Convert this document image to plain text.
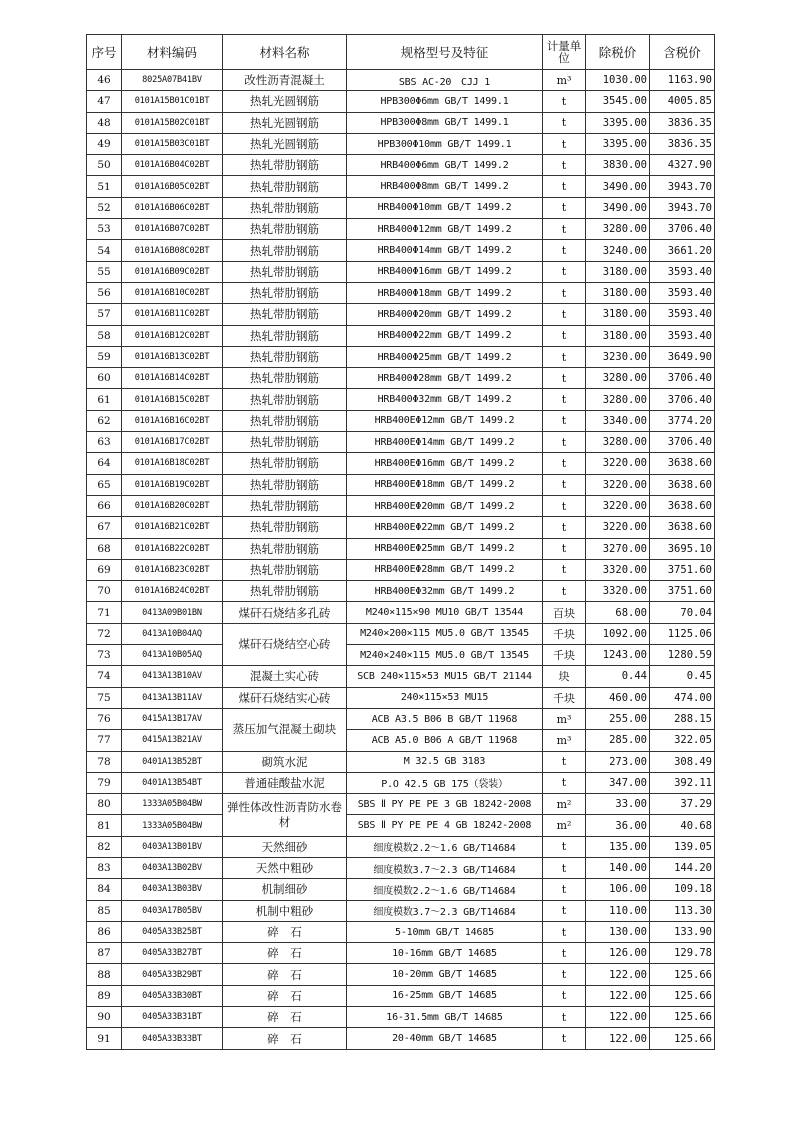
序号	材料编码	材料名称	规格型号及特征	计量单位	除税价	含税价
46	8025A07B41BV	改性沥青混凝土	SBS AC-20　CJJ 1	m³	1030.00	1163.90
47	0101A15B01C01BT	热轧光圆钢筋	HPB300Φ6mm GB/T 1499.1	t	3545.00	4005.85
48	0101A15B02C01BT	热轧光圆钢筋	HPB300Φ8mm GB/T 1499.1	t	3395.00	3836.35
49	0101A15B03C01BT	热轧光圆钢筋	HPB300Φ10mm GB/T 1499.1	t	3395.00	3836.35
50	0101A16B04C02BT	热轧带肋钢筋	HRB400Φ6mm GB/T 1499.2	t	3830.00	4327.90
51	0101A16B05C02BT	热轧带肋钢筋	HRB400Φ8mm GB/T 1499.2	t	3490.00	3943.70
52	0101A16B06C02BT	热轧带肋钢筋	HRB400Φ10mm GB/T 1499.2	t	3490.00	3943.70
53	0101A16B07C02BT	热轧带肋钢筋	HRB400Φ12mm GB/T 1499.2	t	3280.00	3706.40
54	0101A16B08C02BT	热轧带肋钢筋	HRB400Φ14mm GB/T 1499.2	t	3240.00	3661.20
55	0101A16B09C02BT	热轧带肋钢筋	HRB400Φ16mm GB/T 1499.2	t	3180.00	3593.40
56	0101A16B10C02BT	热轧带肋钢筋	HRB400Φ18mm GB/T 1499.2	t	3180.00	3593.40
57	0101A16B11C02BT	热轧带肋钢筋	HRB400Φ20mm GB/T 1499.2	t	3180.00	3593.40
58	0101A16B12C02BT	热轧带肋钢筋	HRB400Φ22mm GB/T 1499.2	t	3180.00	3593.40
59	0101A16B13C02BT	热轧带肋钢筋	HRB400Φ25mm GB/T 1499.2	t	3230.00	3649.90
60	0101A16B14C02BT	热轧带肋钢筋	HRB400Φ28mm GB/T 1499.2	t	3280.00	3706.40
61	0101A16B15C02BT	热轧带肋钢筋	HRB400Φ32mm GB/T 1499.2	t	3280.00	3706.40
62	0101A16B16C02BT	热轧带肋钢筋	HRB400EΦ12mm GB/T 1499.2	t	3340.00	3774.20
63	0101A16B17C02BT	热轧带肋钢筋	HRB400EΦ14mm GB/T 1499.2	t	3280.00	3706.40
64	0101A16B18C02BT	热轧带肋钢筋	HRB400EΦ16mm GB/T 1499.2	t	3220.00	3638.60
65	0101A16B19C02BT	热轧带肋钢筋	HRB400EΦ18mm GB/T 1499.2	t	3220.00	3638.60
66	0101A16B20C02BT	热轧带肋钢筋	HRB400EΦ20mm GB/T 1499.2	t	3220.00	3638.60
67	0101A16B21C02BT	热轧带肋钢筋	HRB400EΦ22mm GB/T 1499.2	t	3220.00	3638.60
68	0101A16B22C02BT	热轧带肋钢筋	HRB400EΦ25mm GB/T 1499.2	t	3270.00	3695.10
69	0101A16B23C02BT	热轧带肋钢筋	HRB400EΦ28mm GB/T 1499.2	t	3320.00	3751.60
70	0101A16B24C02BT	热轧带肋钢筋	HRB400EΦ32mm GB/T 1499.2	t	3320.00	3751.60
71	0413A09B01BN	煤矸石烧结多孔砖	M240×115×90 MU10 GB/T 13544	百块	68.00	70.04
72	0413A10B04AQ	煤矸石烧结空心砖	M240×200×115 MU5.0 GB/T 13545	千块	1092.00	1125.06
73	0413A10B05AQ		M240×240×115 MU5.0 GB/T 13545	千块	1243.00	1280.59
74	0413A13B10AV	混凝土实心砖	SCB 240×115×53 MU15 GB/T 21144	块	0.44	0.45
75	0413A13B11AV	煤矸石烧结实心砖	240×115×53 MU15	千块	460.00	474.00
76	0415A13B17AV	蒸压加气混凝土砌块	ACB A3.5 B06 B GB/T 11968	m³	255.00	288.15
77	0415A13B21AV		ACB A5.0 B06 A GB/T 11968	m³	285.00	322.05
78	0401A13B52BT	砌筑水泥	M 32.5 GB 3183	t	273.00	308.49
79	0401A13B54BT	普通硅酸盐水泥	P.O 42.5 GB 175（袋装）	t	347.00	392.11
80	1333A05B04BW	弹性体改性沥青防水卷材	SBS Ⅱ PY PE PE 3 GB 18242-2008	m²	33.00	37.29
81	1333A05B04BW		SBS Ⅱ PY PE PE 4 GB 18242-2008	m²	36.00	40.68
82	0403A13B01BV	天然细砂	细度模数2.2～1.6 GB/T14684	t	135.00	139.05
83	0403A13B02BV	天然中粗砂	细度模数3.7～2.3 GB/T14684	t	140.00	144.20
84	0403A13B03BV	机制细砂	细度模数2.2～1.6 GB/T14684	t	106.00	109.18
85	0403A17B05BV	机制中粗砂	细度模数3.7～2.3 GB/T14684	t	110.00	113.30
86	0405A33B25BT	碎　石	5-10mm GB/T 14685	t	130.00	133.90
87	0405A33B27BT	碎　石	10-16mm GB/T 14685	t	126.00	129.78
88	0405A33B29BT	碎　石	10-20mm GB/T 14685	t	122.00	125.66
89	0405A33B30BT	碎　石	16-25mm GB/T 14685	t	122.00	125.66
90	0405A33B31BT	碎　石	16-31.5mm GB/T 14685	t	122.00	125.66
91	0405A33B33BT	碎　石	20-40mm GB/T 14685	t	122.00	125.66
